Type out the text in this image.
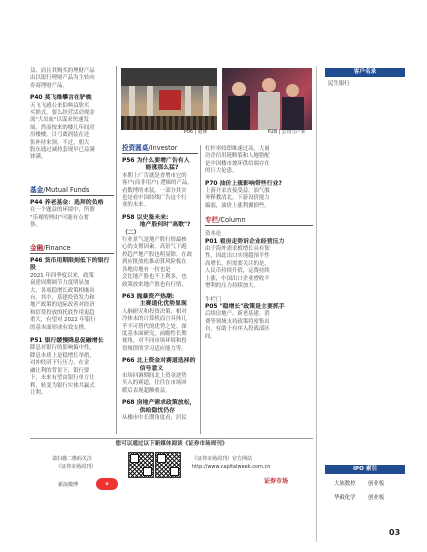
益、而且其购买的理财产品
由以银行理财产品为主转向
券商理财产品。
P40 莫飞维攀言在铲晚
天飞飞感公来伯典益欣买
买损式，要么经营活动现金
流"大出血"以谋求快速发
展。然而按来的楼几年间房
房楼楼，日弓离润装在还
张补持来领。不过，朋大
股东通过减持套现早已益满
钵满。
基金/Mutual Funds
P44 养老基金：选拜的负格
在一个题益的环境中，所谓
"乐观的理由"可能有点奢
侈。
金融/Finance
P46 货币用期限刻低下的银行股
2021 年四季度以来，政策
衰逆周期调节力度明显加
大，各项稳增长政策相继出
台。其中，基建投资发力和
地产政策的边际改善对经济
和信贷投放的托底作用更趋
重大，有望对 2022 年银行
的基本面形成有效支撑。
P51 银行缓慢降息促融增长
降息对银行的影响偏中性，
降息本质上是稳增长举措，
对冲经济下行压力。在金
融让利的背景下，银行要
下，未来有望由银行单方让
利，转变为银行实体共赢式
让利。
P06 | 退休	P28 | 公司与产业
投资圆桌/Investor
P56 为什么要增广告有人
　　　　能涨那么猛?
本期上广告就是香增市它的
客户(而非用户) 逻辑的产品。
看数博的来装。一部分其实
也是看中国经线广告这个行
业的未来。
P58 以史鉴未来:
　　　地产股何时"高歌"?（二）
行业景气是地产股行情最核
心的支撑因素。高景气下跑
控趋严地产股也明显除。在政
到应批放松推动算风险板在
各地房地有一拉也是
会比地产股也不上利多，也
政策放来地产股也有行情。
P63 抛暴资产热潮:
　　　主赛道化优势显现
人脑研究和投资决策，相对
冷体未的计算机而言具体几
乎不可替代的优势之处。深
度基本面研究，前瞻性长期
视角，对不同市场环境和投
资规律的学习适应能力等。
P66 北上资金对赛道选择的
　　　信号意义
市场回调期间北上资金逆势
买入的赛道，往往在市场回
暖后表现超额收益。
P68 房地产需求政策放松，
　　　供给隐忧仍存
从楼市中长期角度看，居民
杠杆率较即维速过高，大量
房企信用链断裂和人地错配
是中国楼市坡坏供给端存在
的巨大伦患。
P70 油价上涨影响带些行业?
上游开采直接受益。油气服
务释教清北。下游设价能力
偏弱，油价上涨利翼损些。
专栏/Column
资本论
P01 看房走势诉企业经营压力
由于海外需求植增长具有韧
性，因此出口实现超预平性
高增长。但需要关注的是，
人民币持续升值，运费持续
上涨，中国出口企业增收不
增利的压力持续加大。
牛栏门
P05 "稳增长"政策是主要抓手
后续房地产、新老基建、消
费等领域支持政策将密集出
台，有助于有序入投战部区
间。
客户名录
民生银行
IPO 索引
大族数控 创业板
华毅化学 创业板
您可以通过以下新媒体阅读《证券市场周刊》
请扫描二维码关注
《证券市场周刊》
新浪微博	✿
《证券市场周刊》官方网站
http://www.capitalweek.com.cn
证券市场
03
